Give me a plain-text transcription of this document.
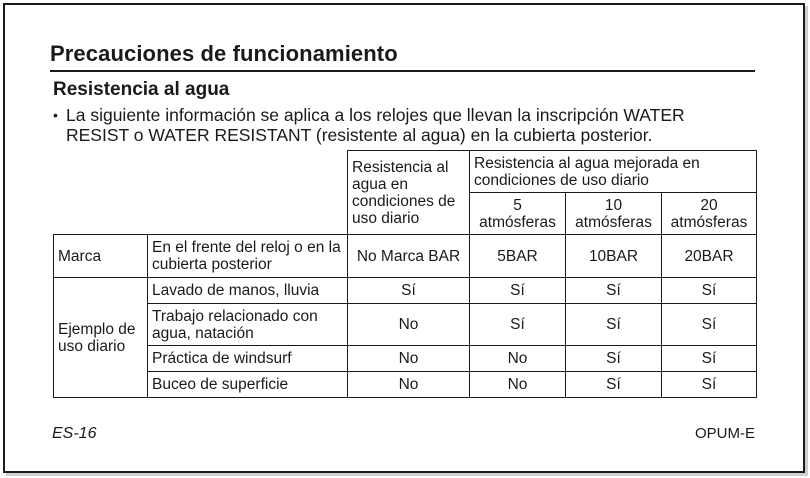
Precauciones de funcionamiento
Resistencia al agua
• La siguiente información se aplica a los relojes que llevan la inscripción WATER
RESIST o WATER RESISTANT (resistente al agua) en la cubierta posterior.
		Resistencia al agua en condiciones de uso diario	Resistencia al agua mejorada en condiciones de uso diario		
			5 atmósferas	10 atmósferas	20 atmósferas
Marca	En el frente del reloj o en la cubierta posterior	No Marca BAR	5BAR	10BAR	20BAR
Ejemplo de uso diario	Lavado de manos, lluvia	Sí	Sí	Sí	Sí
	Trabajo relacionado con agua, natación	No	Sí	Sí	Sí
	Práctica de windsurf	No	No	Sí	Sí
	Buceo de superficie	No	No	Sí	Sí
ES-16	OPUM-E
